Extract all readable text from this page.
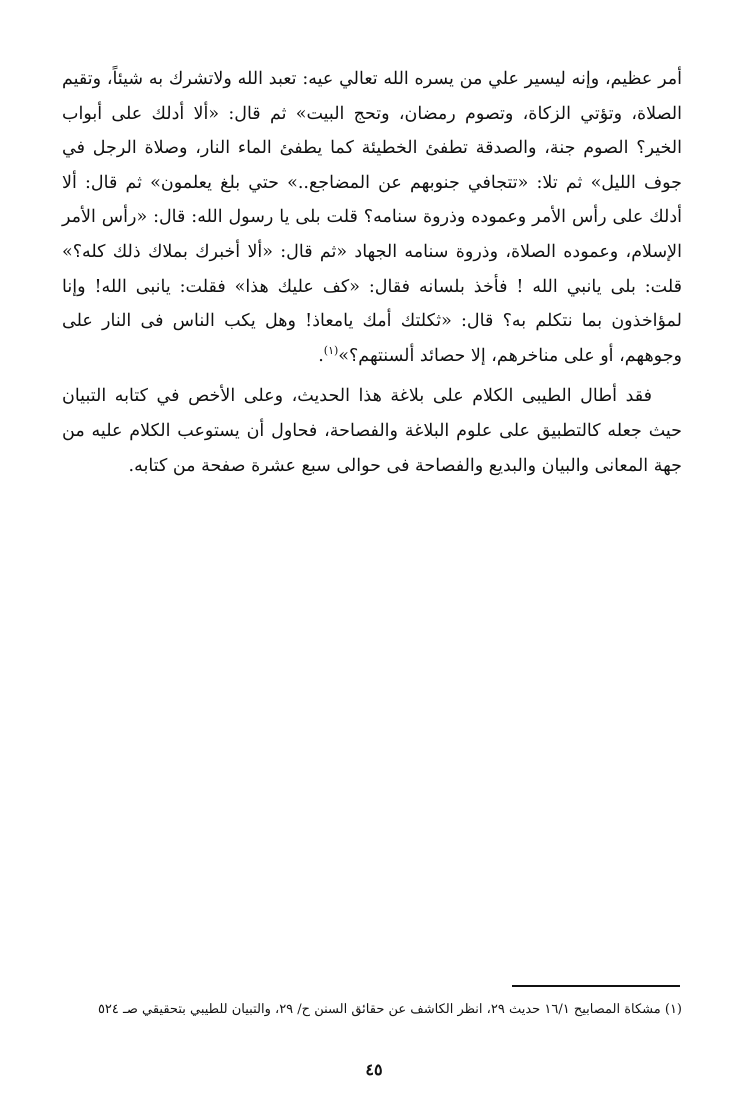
أمر عظيم، وإنه ليسير علي من يسره الله تعالي عيه: تعبد الله ولاتشرك به شيئاً، وتقيم الصلاة، وتؤتي الزكاة، وتصوم رمضان، وتحج البيت» ثم قال: «ألا أدلك على أبواب الخير؟ الصوم جنة، والصدقة تطفئ الخطيئة كما يطفئ الماء النار، وصلاة الرجل في جوف الليل» ثم تلا: «تتجافي جنوبهم عن المضاجع..» حتي بلغ يعلمون» ثم قال: ألا أدلك على رأس الأمر وعموده وذروة سنامه؟ قلت بلى يا رسول الله: قال: «رأس الأمر الإسلام، وعموده الصلاة، وذروة سنامه الجهاد «ثم قال: «ألا أخبرك بملاك ذلك كله؟» قلت: بلى يانبي الله ! فأخذ بلسانه فقال: «كف عليك هذا» فقلت: يانبى الله! وإنا لمؤاخذون بما نتكلم به؟ قال: «ثكلتك أمك يامعاذ! وهل يكب الناس فى النار على وجوههم، أو على مناخرهم، إلا حصائد ألسنتهم؟»$^{(١)}$.

فقد أطال الطيبى الكلام على بلاغة هذا الحديث، وعلى الأخص في كتابه التبيان حيث جعله كالتطبيق على علوم البلاغة والفصاحة، فحاول أن يستوعب الكلام عليه من جهة المعانى والبيان والبديع والفصاحة فى حوالى سبع عشرة صفحة من كتابه.

(١) مشكاة المصابيح ١٦/١ حديث ٢٩، انظر الكاشف عن حقائق السنن ح/ ٢٩، والتبيان للطيبي بتحقيقي صـ ٥٢٤
٤٥
